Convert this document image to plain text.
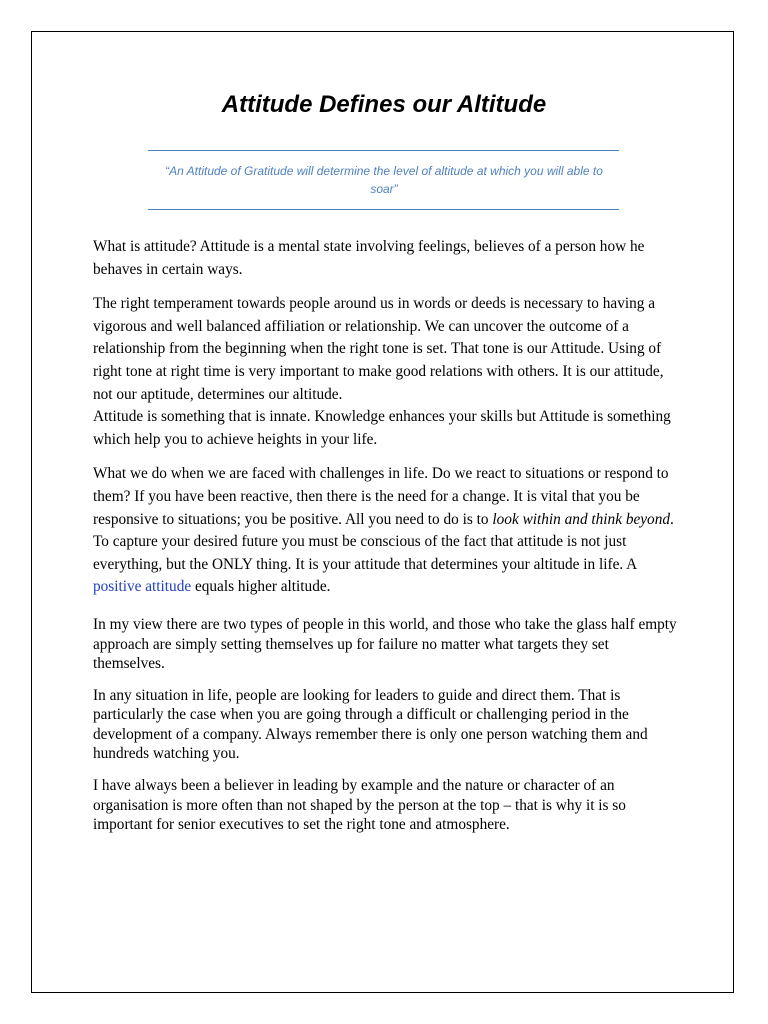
Attitude Defines our Altitude

“An Attitude of Gratitude will determine the level of altitude at which you will able to soar”

What is attitude? Attitude is a mental state involving feelings, believes of a person how he behaves in certain ways.

The right temperament towards people around us in words or deeds is necessary to having a vigorous and well balanced affiliation or relationship. We can uncover the outcome of a relationship from the beginning when the right tone is set. That tone is our Attitude. Using of right tone at right time is very important to make good relations with others. It is our attitude, not our aptitude, determines our altitude.

Attitude is something that is innate. Knowledge enhances your skills but Attitude is something which help you to achieve heights in your life.

What we do when we are faced with challenges in life. Do we react to situations or respond to them? If you have been reactive, then there is the need for a change. It is vital that you be responsive to situations; you be positive. All you need to do is to look within and think beyond. To capture your desired future you must be conscious of the fact that attitude is not just everything, but the ONLY thing. It is your attitude that determines your altitude in life. A positive attitude equals higher altitude.

In my view there are two types of people in this world, and those who take the glass half empty approach are simply setting themselves up for failure no matter what targets they set themselves.

In any situation in life, people are looking for leaders to guide and direct them. That is particularly the case when you are going through a difficult or challenging period in the development of a company. Always remember there is only one person watching them and hundreds watching you.

I have always been a believer in leading by example and the nature or character of an organisation is more often than not shaped by the person at the top – that is why it is so important for senior executives to set the right tone and atmosphere.
